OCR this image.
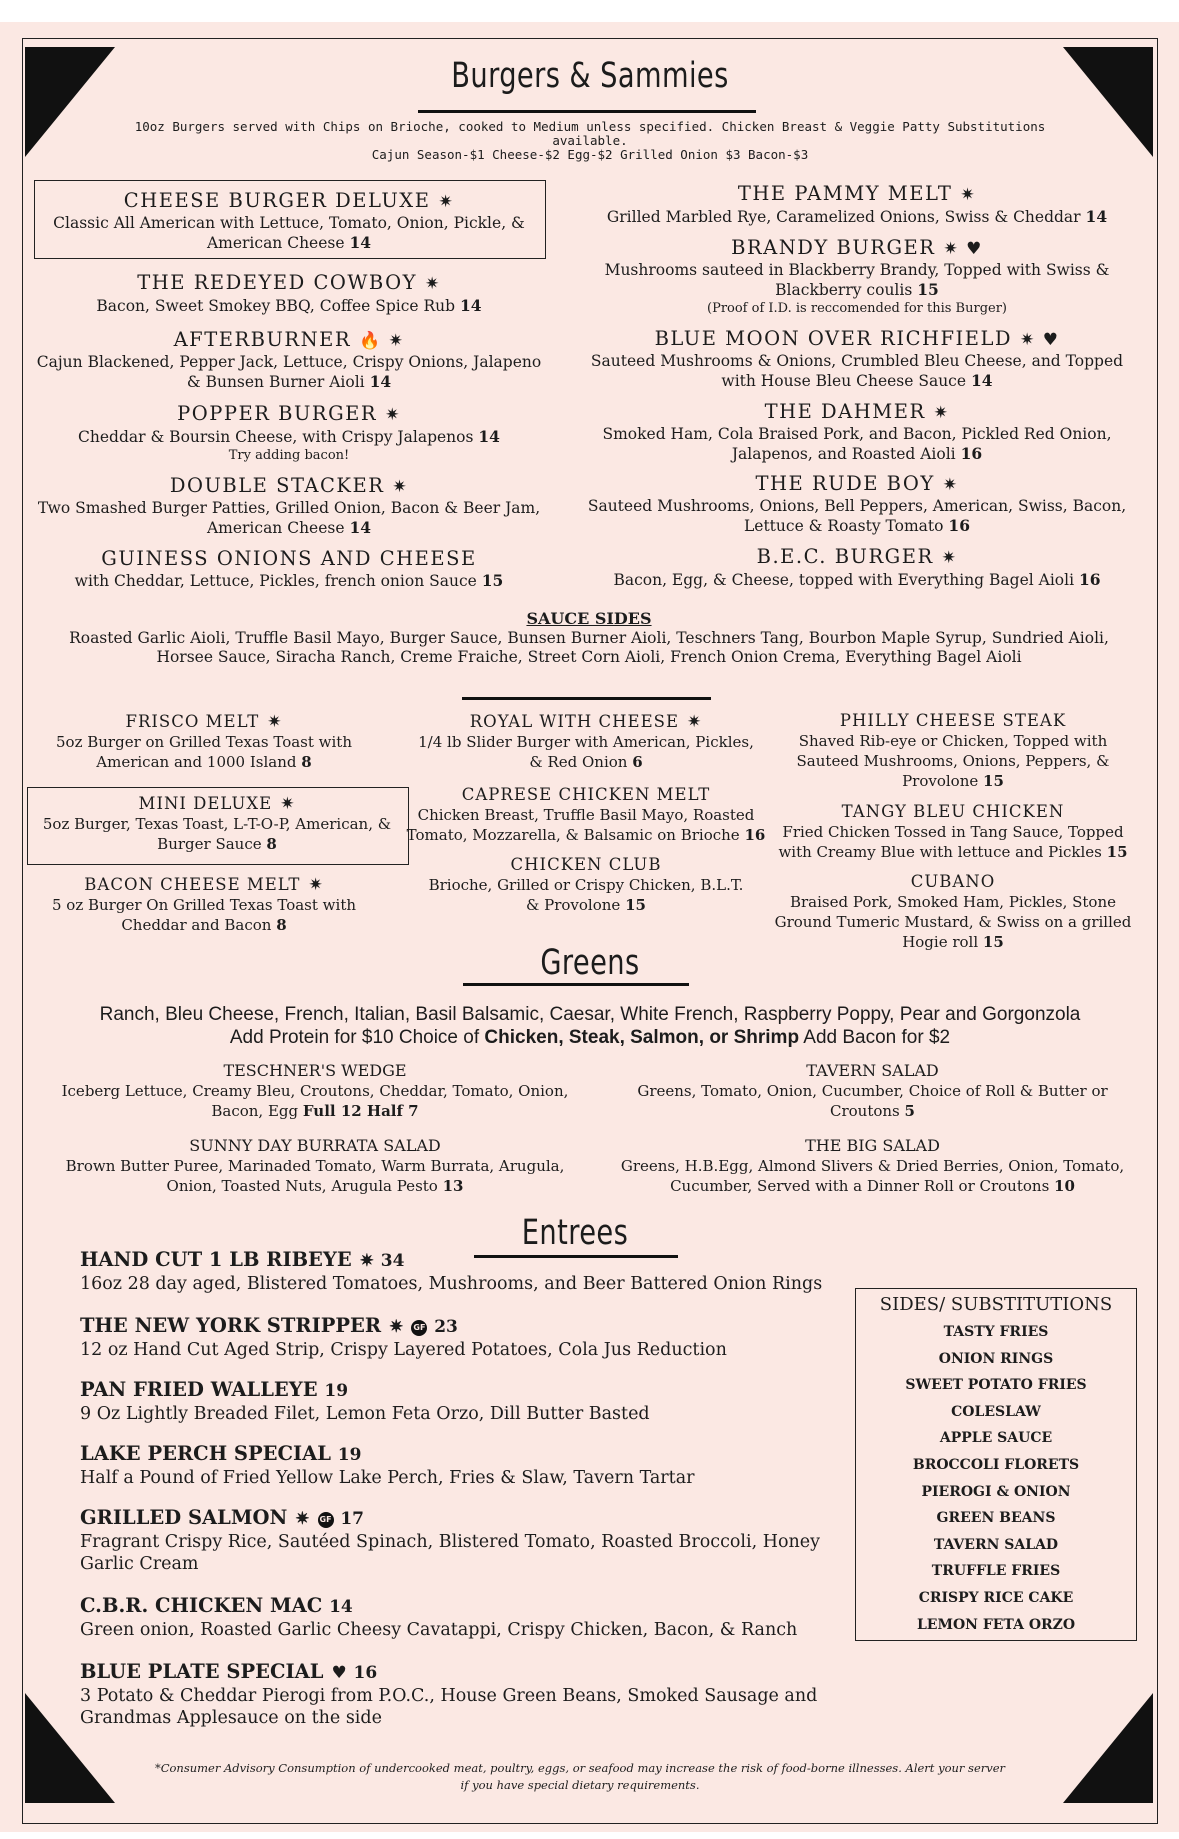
Burgers & Sammies
10oz Burgers served with Chips on Brioche, cooked to Medium unless specified. Chicken Breast & Veggie Patty Substitutions
available.
Cajun Season-$1 Cheese-$2 Egg-$2 Grilled Onion $3 Bacon-$3
CHEESE BURGER DELUXE ✷
Classic All American with Lettuce, Tomato, Onion, Pickle, & American Cheese 14
THE REDEYED COWBOY ✷
Bacon, Sweet Smokey BBQ, Coffee Spice Rub 14
AFTERBURNER 🔥 ✷
Cajun Blackened, Pepper Jack, Lettuce, Crispy Onions, Jalapeno & Bunsen Burner Aioli 14
POPPER BURGER ✷
Cheddar & Boursin Cheese, with Crispy Jalapenos 14
Try adding bacon!
DOUBLE STACKER ✷
Two Smashed Burger Patties, Grilled Onion, Bacon & Beer Jam, American Cheese 14
GUINESS ONIONS AND CHEESE
with Cheddar, Lettuce, Pickles, french onion Sauce 15
THE PAMMY MELT ✷
Grilled Marbled Rye, Caramelized Onions, Swiss & Cheddar 14
BRANDY BURGER ✷ ♥
Mushrooms sauteed in Blackberry Brandy, Topped with Swiss & Blackberry coulis 15
(Proof of I.D. is reccomended for this Burger)
BLUE MOON OVER RICHFIELD ✷ ♥
Sauteed Mushrooms & Onions, Crumbled Bleu Cheese, and Topped with House Bleu Cheese Sauce 14
THE DAHMER ✷
Smoked Ham, Cola Braised Pork, and Bacon, Pickled Red Onion, Jalapenos, and Roasted Aioli 16
THE RUDE BOY ✷
Sauteed Mushrooms, Onions, Bell Peppers, American, Swiss, Bacon, Lettuce & Roasty Tomato 16
B.E.C. BURGER ✷
Bacon, Egg, & Cheese, topped with Everything Bagel Aioli 16
SAUCE SIDES
Roasted Garlic Aioli, Truffle Basil Mayo, Burger Sauce, Bunsen Burner Aioli, Teschners Tang, Bourbon Maple Syrup, Sundried Aioli, Horsee Sauce, Siracha Ranch, Creme Fraiche, Street Corn Aioli, French Onion Crema, Everything Bagel Aioli
FRISCO MELT ✷
5oz Burger on Grilled Texas Toast with American and 1000 Island 8
MINI DELUXE ✷
5oz Burger, Texas Toast, L-T-O-P, American, & Burger Sauce 8
BACON CHEESE MELT ✷
5 oz Burger On Grilled Texas Toast with Cheddar and Bacon 8
ROYAL WITH CHEESE ✷
1/4 lb Slider Burger with American, Pickles, & Red Onion 6
CAPRESE CHICKEN MELT
Chicken Breast, Truffle Basil Mayo, Roasted Tomato, Mozzarella, & Balsamic on Brioche 16
CHICKEN CLUB
Brioche, Grilled or Crispy Chicken, B.L.T. & Provolone 15
PHILLY CHEESE STEAK
Shaved Rib-eye or Chicken, Topped with Sauteed Mushrooms, Onions, Peppers, & Provolone 15
TANGY BLEU CHICKEN
Fried Chicken Tossed in Tang Sauce, Topped with Creamy Blue with lettuce and Pickles 15
CUBANO
Braised Pork, Smoked Ham, Pickles, Stone Ground Tumeric Mustard, & Swiss on a grilled Hogie roll 15
Greens
Ranch, Bleu Cheese, French, Italian, Basil Balsamic, Caesar, White French, Raspberry Poppy, Pear and Gorgonzola
Add Protein for $10 Choice of Chicken, Steak, Salmon, or Shrimp Add Bacon for $2
TESCHNER'S WEDGE
Iceberg Lettuce, Creamy Bleu, Croutons, Cheddar, Tomato, Onion, Bacon, Egg Full 12 Half 7
TAVERN SALAD
Greens, Tomato, Onion, Cucumber, Choice of Roll & Butter or Croutons 5
SUNNY DAY BURRATA SALAD
Brown Butter Puree, Marinaded Tomato, Warm Burrata, Arugula, Onion, Toasted Nuts, Arugula Pesto 13
THE BIG SALAD
Greens, H.B.Egg, Almond Slivers & Dried Berries, Onion, Tomato, Cucumber, Served with a Dinner Roll or Croutons 10
Entrees
HAND CUT 1 LB RIBEYE ✷ 34
16oz 28 day aged, Blistered Tomatoes, Mushrooms, and Beer Battered Onion Rings
THE NEW YORK STRIPPER ✷ GF 23
12 oz Hand Cut Aged Strip, Crispy Layered Potatoes, Cola Jus Reduction
PAN FRIED WALLEYE 19
9 Oz Lightly Breaded Filet, Lemon Feta Orzo, Dill Butter Basted
LAKE PERCH SPECIAL 19
Half a Pound of Fried Yellow Lake Perch, Fries & Slaw, Tavern Tartar
GRILLED SALMON ✷ GF 17
Fragrant Crispy Rice, Sautéed Spinach, Blistered Tomato, Roasted Broccoli, Honey Garlic Cream
C.B.R. CHICKEN MAC 14
Green onion, Roasted Garlic Cheesy Cavatappi, Crispy Chicken, Bacon, & Ranch
BLUE PLATE SPECIAL ♥ 16
3 Potato & Cheddar Pierogi from P.O.C., House Green Beans, Smoked Sausage and Grandmas Applesauce on the side
SIDES/ SUBSTITUTIONS
TASTY FRIES
ONION RINGS
SWEET POTATO FRIES
COLESLAW
APPLE SAUCE
BROCCOLI FLORETS
PIEROGI & ONION
GREEN BEANS
TAVERN SALAD
TRUFFLE FRIES
CRISPY RICE CAKE
LEMON FETA ORZO
*Consumer Advisory Consumption of undercooked meat, poultry, eggs, or seafood may increase the risk of food-borne illnesses. Alert your server
if you have special dietary requirements.
